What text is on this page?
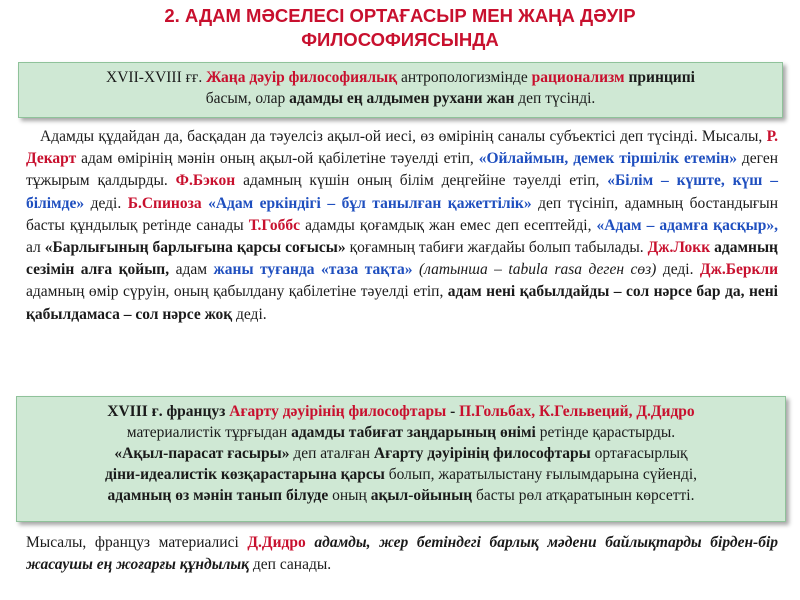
2. АДАМ МӘСЕЛЕСІ ОРТАҒАСЫР МЕН ЖАҢА ДӘУІР
ФИЛОСОФИЯСЫНДА
XVII-XVIII ғғ. Жаңа дәуір философиялық антропологизмінде рационализм принципі
басым, олар адамды ең алдымен рухани жан деп түсінді.
Адамды құдайдан да, басқадан да тәуелсіз ақыл-ой иесі, өз өмірінің саналы субъектісі деп түсінді. Мысалы, Р. Декарт адам өмірінің мәнін оның ақыл-ой қабілетіне тәуелді етіп, «Ойлаймын, демек тіршілік етемін» деген тұжырым қалдырды. Ф.Бэкон адамның күшін оның білім деңгейіне тәуелді етіп, «Білім – күште, күш – білімде» деді. Б.Спиноза «Адам еркіндігі – бұл танылған қажеттілік» деп түсініп, адамның бостандығын басты құндылық ретінде санады Т.Гоббс адамды қоғамдық жан емес деп есептейді, «Адам – адамға қасқыр», ал «Барлығының барлығына қарсы соғысы» қоғамның табиғи жағдайы болып табылады. Дж.Локк адамның сезімін алға қойып, адам жаны туғанда «таза тақта» (латынша – tabula rasa деген сөз) деді. Дж.Беркли адамның өмір сүруін, оның қабылдану қабілетіне тәуелді етіп, адам нені қабылдайды – сол нәрсе бар да, нені қабылдамаса – сол нәрсе жоқ деді.
XVIII ғ. француз Ағарту дәуірінің философтары - П.Гольбах, К.Гельвеций, Д.Дидро
материалистік тұрғыдан адамды табиғат заңдарының өнімі ретінде қарастырды.
«Ақыл-парасат ғасыры» деп аталған Ағарту дәуірінің философтары ортағасырлық
діни-идеалистік көзқарастарына қарсы болып, жаратылыстану ғылымдарына сүйенді,
адамның өз мәнін танып білуде оның ақыл-ойының басты рөл атқаратынын көрсетті.
Мысалы, француз материалисі Д.Дидро адамды, жер бетіндегі барлық мәдени байлықтарды бірден-бір жасаушы ең жоғарғы құндылық деп санады.
